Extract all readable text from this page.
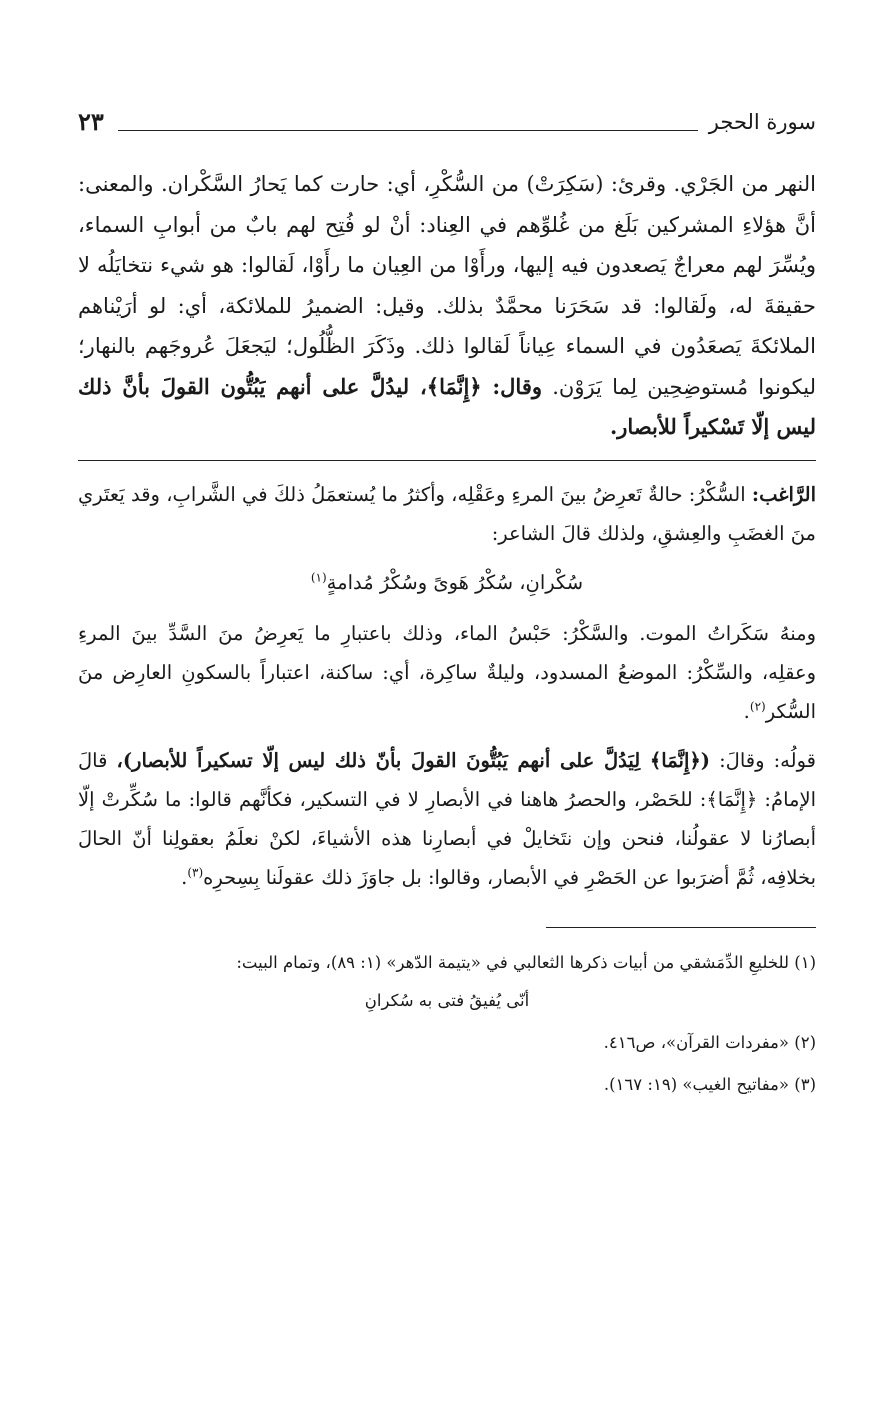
سورة الحجر
٢٣
النهر من الجَرْي. وقرئ: (سَكِرَتْ) من السُّكْرِ، أي: حارت كما يَحارُ السَّكْران. والمعنى: أنَّ هؤلاءِ المشركين بَلَغ من غُلوِّهم في العِناد: أنْ لو فُتِح لهم بابٌ من أبوابِ السماء، ويُسِّرَ لهم معراجٌ يَصعدون فيه إليها، ورأَوْا من العِيان ما رأَوْا، لَقالوا: هو شيء نتخايَلُه لا حقيقةَ له، ولَقالوا: قد سَحَرَنا محمَّدٌ بذلك. وقيل: الضميرُ للملائكة، أي: لو أرَيْناهم الملائكةَ يَصعَدُون في السماء عِياناً لَقالوا ذلك. وذَكَرَ الظُّلُول؛ ليَجعَلَ عُروجَهم بالنهار؛ ليكونوا مُستوضِحِين لِما يَرَوْن. وقال: ﴿إِنَّمَا﴾، ليدُلَّ على أنهم يَبُتُّون القولَ بأنَّ ذلك ليس إلّا تَسْكيراً للأبصار.

الرَّاغب: السُّكْرُ: حالةٌ تَعرِضُ بينَ المرءِ وعَقْلِه، وأكثرُ ما يُستعمَلُ ذلكَ في الشَّرابِ، وقد يَعتَري منَ الغضَبِ والعِشقِ، ولذلك قالَ الشاعر:

سُكْرانِ، سُكْرُ هَوىً وسُكْرُ مُدامةٍ$^{(١)}$

ومنهُ سَكَراتُ الموت. والسَّكْرُ: حَبْسُ الماء، وذلك باعتبارِ ما يَعرِضُ منَ السَّدِّ بينَ المرءِ وعقلِه، والسِّكْرُ: الموضعُ المسدود، وليلةٌ ساكِرة، أي: ساكنة، اعتباراً بالسكونِ العارِض منَ السُّكر$^{(٢)}$.

قولُه: وقالَ: (﴿إِنَّمَا﴾ لِيَدُلَّ على أنهم يَبُتُّونَ القولَ بأنّ ذلك ليس إلّا تسكيراً للأبصار)، قالَ الإمامُ: ﴿إِنَّمَا﴾: للحَصْر، والحصرُ هاهنا في الأبصارِ لا في التسكير، فكأنَّهم قالوا: ما سُكِّرتْ إلّا أبصارُنا لا عقولُنا، فنحن وإن نتَخايلْ في أبصارِنا هذه الأشياءَ، لكنْ نعلَمُ بعقولِنا أنّ الحالَ بخلافِه، ثُمَّ أضرَبوا عن الحَصْرِ في الأبصار، وقالوا: بل جاوَزَ ذلك عقولَنا بِسِحرِه$^{(٣)}$.

(١) للخليعِ الدِّمَشقي من أبيات ذكرها الثعالبي في «يتيمة الدّهر» (١: ٨٩)، وتمام البيت:
أنّى يُفيقُ فتى به سُكرانِ
(٢) «مفردات القرآن»، ص٤١٦.
(٣) «مفاتيح الغيب» (١٩: ١٦٧).
